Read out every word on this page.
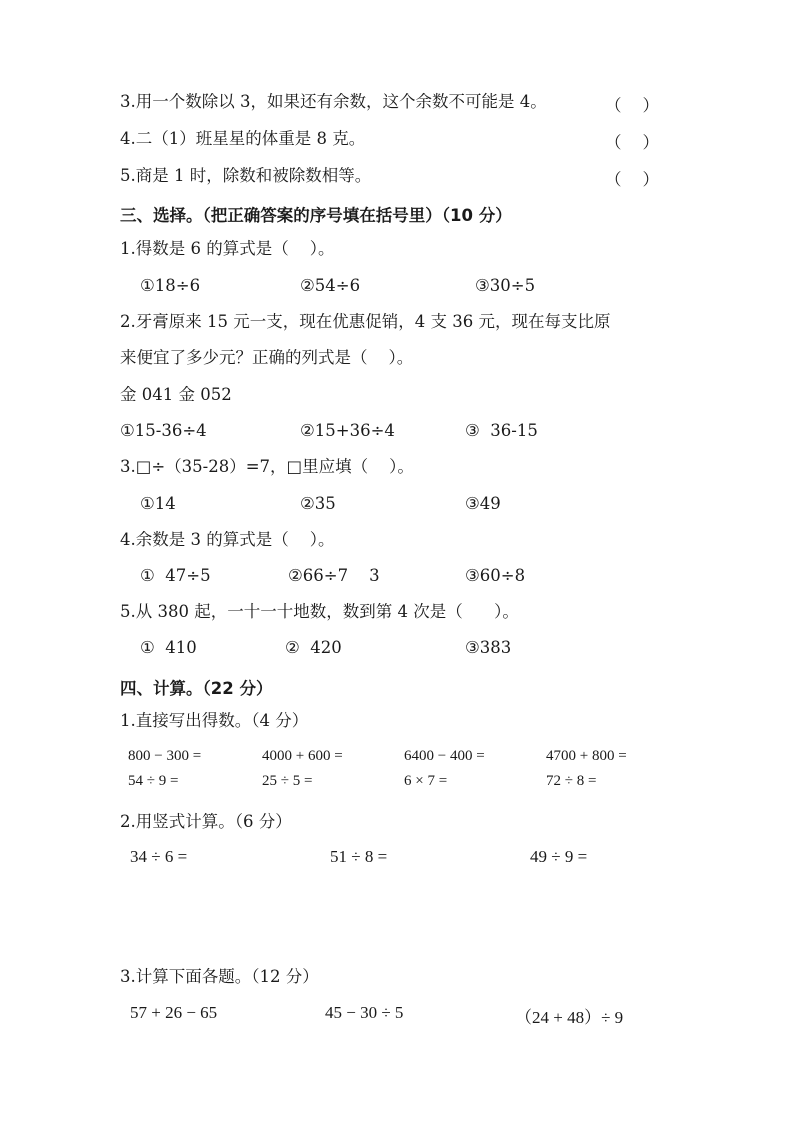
3.用一个数除以 3，如果还有余数，这个余数不可能是 4。	（    ）
4.二（1）班星星的体重是 8 克。	（    ）
5.商是 1 时，除数和被除数相等。	（    ）
三、选择。（把正确答案的序号填在括号里）（10 分）
1.得数是 6 的算式是（    ）。
①18÷6	②54÷6	③30÷5
2.牙膏原来 15 元一支，现在优惠促销，4 支 36 元，现在每支比原
来便宜了多少元？正确的列式是（    ）。
金 041 金 052
①15-36÷4	②15+36÷4	③  36-15
3.□÷（35-28）=7，□里应填（    ）。
①14	②35	③49
4.余数是 3 的算式是（    ）。
①  47÷5	②66÷7    3	③60÷8
5.从 380 起，一十一十地数，数到第 4 次是（      ）。
①  410	②  420	③383
四、计算。（22 分）
1.直接写出得数。（4 分）
800 − 300 =	4000 + 600 =	6400 − 400 =	4700 + 800 =
54 ÷ 9 =	25 ÷ 5 =	6 × 7 =	72 ÷ 8 =
2.用竖式计算。（6 分）
34 ÷ 6 =	51 ÷ 8 =	49 ÷ 9 =
3.计算下面各题。（12 分）
57 + 26 − 65	45 − 30 ÷ 5	（24 + 48）÷ 9
